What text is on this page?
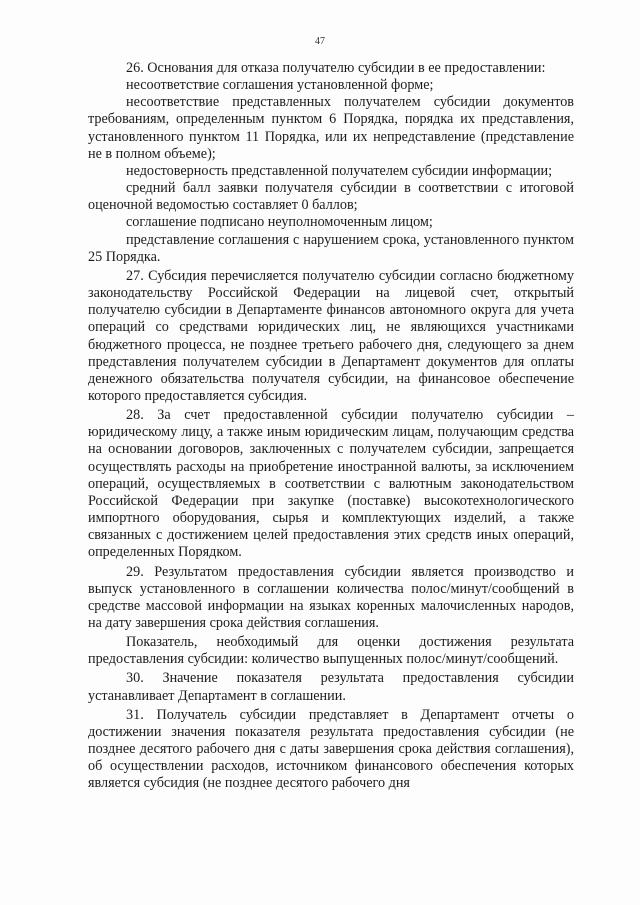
47

26. Основания для отказа получателю субсидии в ее предоставлении:

несоответствие соглашения установленной форме;

несоответствие представленных получателем субсидии документов требованиям, определенным пунктом 6 Порядка, порядка их представления, установленного пунктом 11 Порядка, или их непредставление (представление не в полном объеме);

недостоверность представленной получателем субсидии информации;

средний балл заявки получателя субсидии в соответствии с итоговой оценочной ведомостью составляет 0 баллов;

соглашение подписано неуполномоченным лицом;

представление соглашения с нарушением срока, установленного пунктом 25 Порядка.

27. Субсидия перечисляется получателю субсидии согласно бюджетному законодательству Российской Федерации на лицевой счет, открытый получателю субсидии в Департаменте финансов автономного округа для учета операций со средствами юридических лиц, не являющихся участниками бюджетного процесса, не позднее третьего рабочего дня, следующего за днем представления получателем субсидии в Департамент документов для оплаты денежного обязательства получателя субсидии, на финансовое обеспечение которого предоставляется субсидия.

28. За счет предоставленной субсидии получателю субсидии – юридическому лицу, а также иным юридическим лицам, получающим средства на основании договоров, заключенных с получателем субсидии, запрещается осуществлять расходы на приобретение иностранной валюты, за исключением операций, осуществляемых в соответствии с валютным законодательством Российской Федерации при закупке (поставке) высокотехнологического импортного оборудования, сырья и комплектующих изделий, а также связанных с достижением целей предоставления этих средств иных операций, определенных Порядком.

29. Результатом предоставления субсидии является производство и выпуск установленного в соглашении количества полос/минут/сообщений в средстве массовой информации на языках коренных малочисленных народов, на дату завершения срока действия соглашения.

Показатель, необходимый для оценки достижения результата предоставления субсидии: количество выпущенных полос/минут/сообщений.

30. Значение показателя результата предоставления субсидии устанавливает Департамент в соглашении.

31. Получатель субсидии представляет в Департамент отчеты о достижении значения показателя результата предоставления субсидии (не позднее десятого рабочего дня с даты завершения срока действия соглашения), об осуществлении расходов, источником финансового обеспечения которых является субсидия (не позднее десятого рабочего дня
